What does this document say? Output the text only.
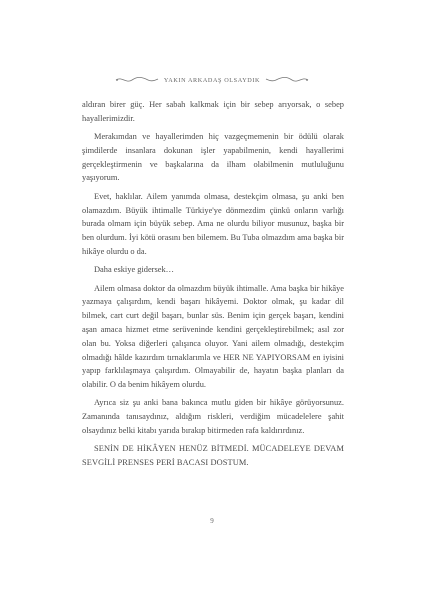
YAKIN ARKADAŞ OLSAYDIK

aldıran birer güç. Her sabah kalkmak için bir sebep arıyorsak, o sebep hayallerimizdir.

Merakımdan ve hayallerimden hiç vazgeçmemenin bir ödülü olarak şimdilerde insanlara dokunan işler yapabilmenin, kendi hayallerimi gerçekleştirmenin ve başkalarına da ilham olabilmenin mutluluğunu yaşıyorum.

Evet, haklılar. Ailem yanımda olmasa, destekçim olmasa, şu anki ben olamazdım. Büyük ihtimalle Türkiye'ye dönmezdim çünkü onların varlığı burada olmam için büyük sebep. Ama ne olurdu biliyor musunuz, başka bir ben olurdum. İyi kötü orasını ben bilemem. Bu Tuba olmazdım ama başka bir hikâye olurdu o da.

Daha eskiye gidersek…

Ailem olmasa doktor da olmazdım büyük ihtimalle. Ama başka bir hikâye yazmaya çalışırdım, kendi başarı hikâyemi. Doktor olmak, şu kadar dil bilmek, cart curt değil başarı, bunlar süs. Benim için gerçek başarı, kendini aşan amaca hizmet etme serüveninde kendini gerçekleştirebilmek; asıl zor olan bu. Yoksa diğerleri çalışınca oluyor. Yani ailem olmadığı, destekçim olmadığı hâlde kazırdım tırnaklarımla ve HER NE YAPIYORSAM en iyisini yapıp farklılaşmaya çalışırdım. Olmayabilir de, hayatın başka planları da olabilir. O da benim hikâyem olurdu.

Ayrıca siz şu anki bana bakınca mutlu giden bir hikâye görüyorsunuz. Zamanında tanısaydınız, aldığım riskleri, verdiğim mücadelelere şahit olsaydınız belki kitabı yarıda bırakıp bitirmeden rafa kaldırırdınız.

SENİN DE HİKÂYEN HENÜZ BİTMEDİ. MÜCADELEYE DEVAM SEVGİLİ PRENSES PERİ BACASI DOSTUM.

9
